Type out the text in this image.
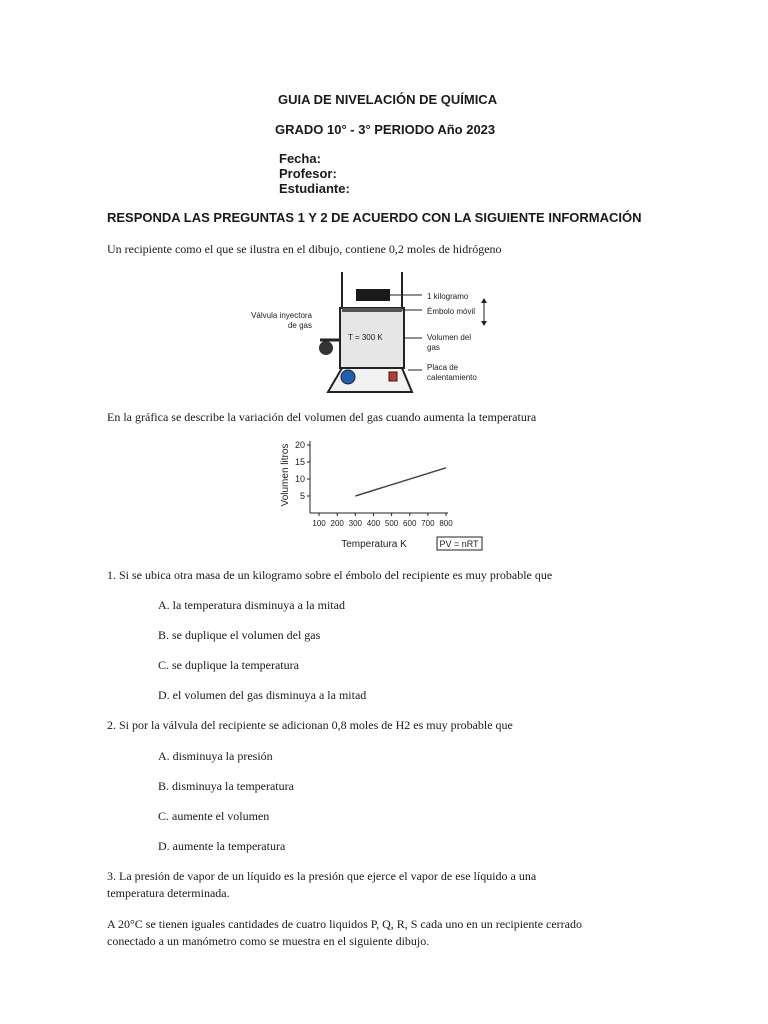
GUIA DE NIVELACIÓN DE QUÍMICA
GRADO 10° - 3° PERIODO Año 2023
Fecha:
Profesor:
Estudiante:
RESPONDA LAS PREGUNTAS 1 Y 2 DE ACUERDO CON LA SIGUIENTE INFORMACIÓN
Un recipiente como el que se ilustra en el dibujo, contiene 0,2 moles de hidrógeno
1 kilogramo
Émbolo móvil
Volumen del
gas
Placa de
calentamiento
T = 300 K
Válvula inyectora
de gas
En la gráfica se describe la variación del volumen del gas cuando aumenta la temperatura
Volumen litros
Temperatura K	PV = nRT
5
10
15
20
100 200 300 400 500 600 700 800
1. Si se ubica otra masa de un kilogramo sobre el émbolo del recipiente es muy probable que
A. la temperatura disminuya a la mitad
B. se duplique el volumen del gas
C. se duplique la temperatura
D. el volumen del gas disminuya a la mitad
2. Si por la válvula del recipiente se adicionan 0,8 moles de H2 es muy probable que
A. disminuya la presión
B. disminuya la temperatura
C. aumente el volumen
D. aumente la temperatura
3. La presión de vapor de un líquido es la presión que ejerce el vapor de ese líquido a una
temperatura determinada.
A 20°C se tienen iguales cantidades de cuatro liquidos P, Q, R, S cada uno en un recipiente cerrado
conectado a un manómetro como se muestra en el siguiente dibujo.
